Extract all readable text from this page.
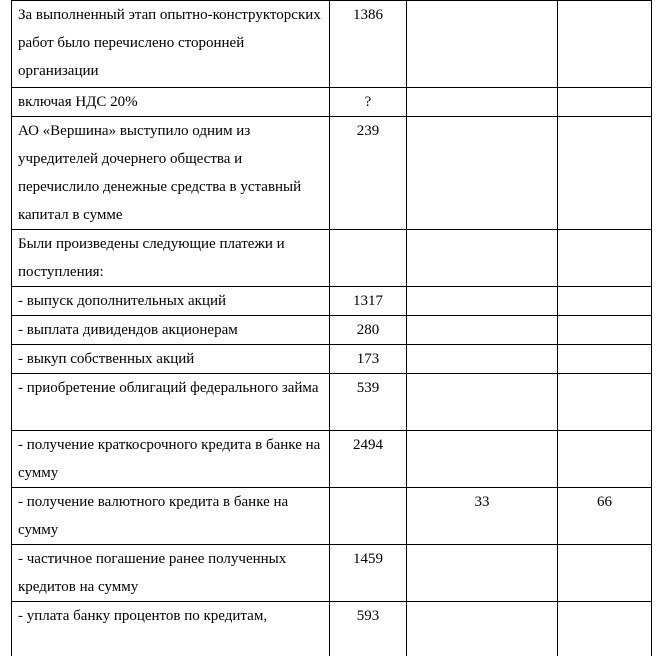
За выполненный этап опытно-конструкторских работ было перечислено сторонней организации	1386		
включая НДС 20%	?		
АО «Вершина» выступило одним из учредителей дочернего общества и перечислило денежные средства в уставный капитал в сумме	239		
Были произведены следующие платежи и поступления:			
- выпуск дополнительных акций	1317		
- выплата дивидендов акционерам	280		
- выкуп собственных акций	173		
- приобретение облигаций федерального займа	539		
- получение краткосрочного кредита в банке на сумму	2494		
- получение валютного кредита в банке на сумму		33	66
- частичное погашение ранее полученных кредитов на сумму	1459		
- уплата банку процентов по кредитам,	593		
